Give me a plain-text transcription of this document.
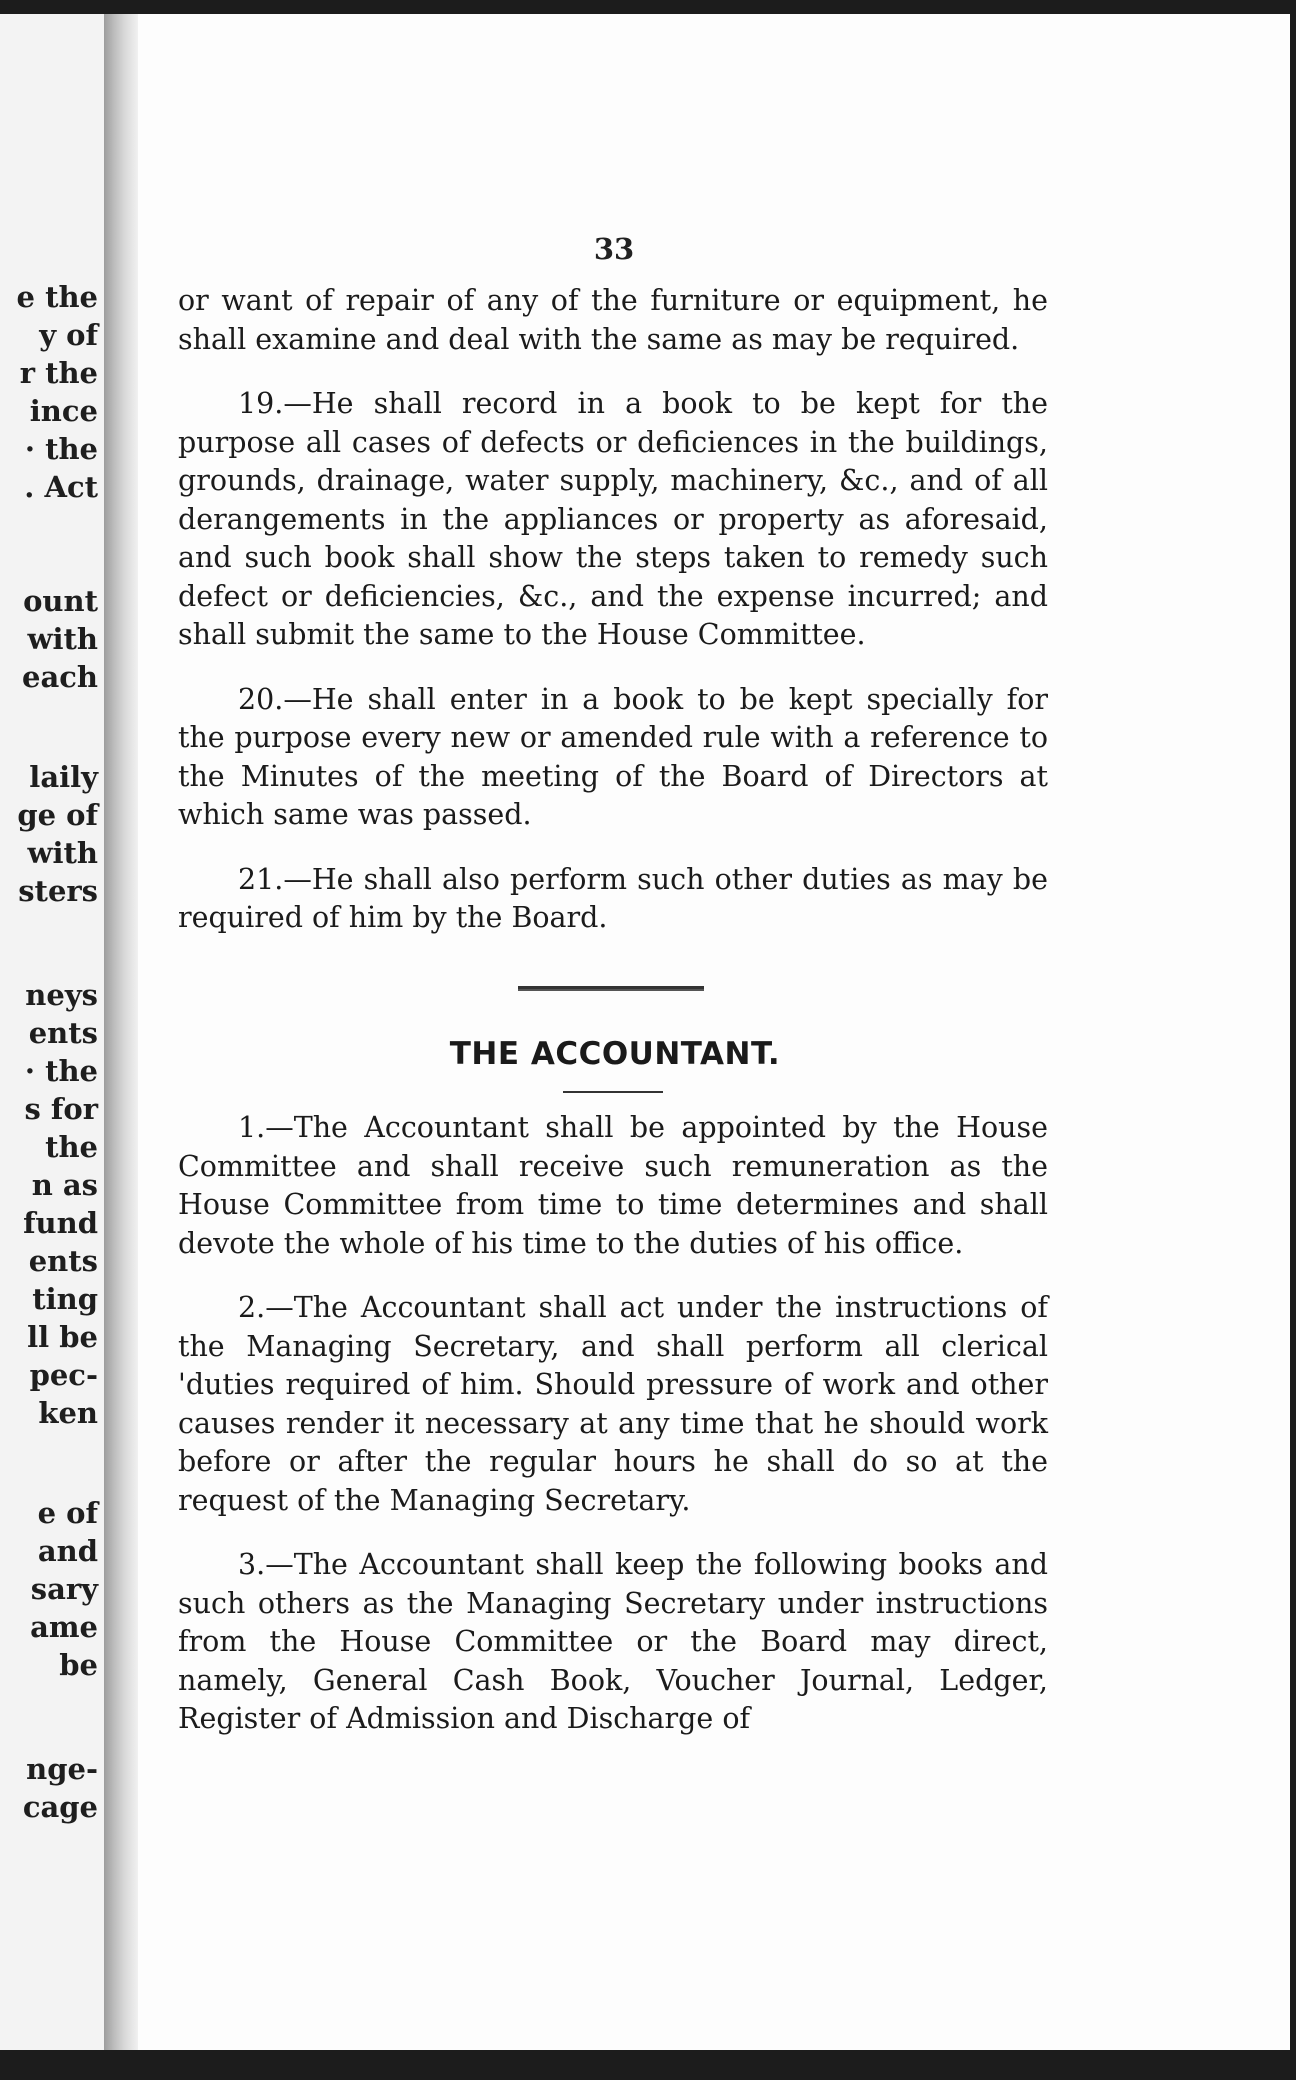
e the
y of
r the
ince
· the
. Act
ount
with
each
laily
ge of
with
sters
neys
ents
· the
s for
the
n as
fund
ents
ting
ll be
pec-
ken
e of
and
sary
ame
be
nge-
cage
33

or want of repair of any of the furniture or equipment, he shall examine and deal with the same as may be required.

19.—He shall record in a book to be kept for the purpose all cases of defects or deficiences in the buildings, grounds, drainage, water supply, machinery, &c., and of all derangements in the appliances or property as aforesaid, and such book shall show the steps taken to remedy such defect or deficiencies, &c., and the expense incurred; and shall submit the same to the House Committee.

20.—He shall enter in a book to be kept specially for the purpose every new or amended rule with a reference to the Minutes of the meeting of the Board of Directors at which same was passed.

21.—He shall also perform such other duties as may be required of him by the Board.

THE ACCOUNTANT.

1.—The Accountant shall be appointed by the House Committee and shall receive such remuneration as the House Committee from time to time determines and shall devote the whole of his time to the duties of his office.

2.—The Accountant shall act under the instructions of the Managing Secretary, and shall perform all clerical 'duties required of him. Should pressure of work and other causes render it necessary at any time that he should work before or after the regular hours he shall do so at the request of the Managing Secretary.

3.—The Accountant shall keep the following books and such others as the Managing Secretary under instructions from the House Committee or the Board may direct, namely, General Cash Book, Voucher Journal, Ledger, Register of Admission and Discharge of
